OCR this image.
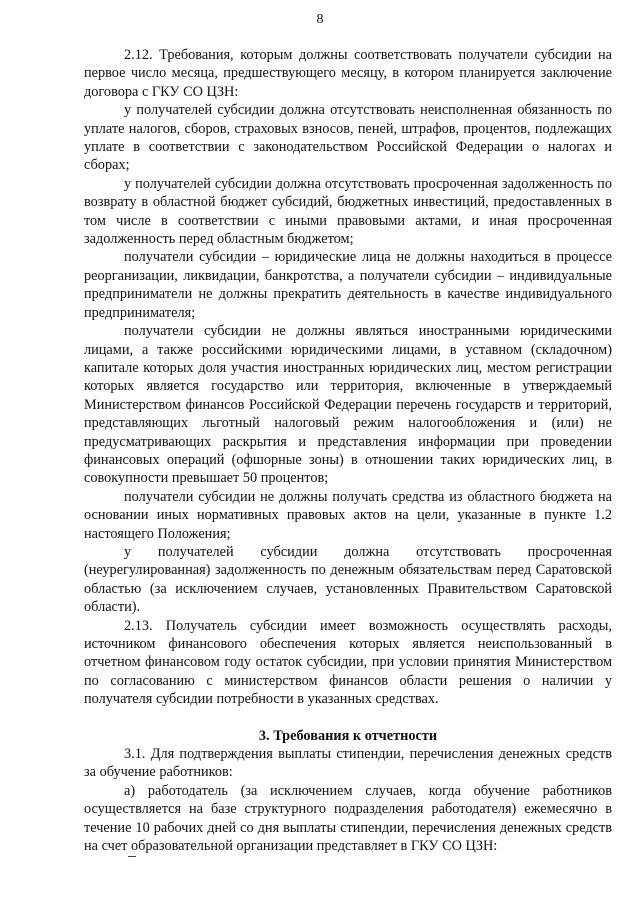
8

2.12. Требования, которым должны соответствовать получатели субсидии на первое число месяца, предшествующего месяцу, в котором планируется заключение договора с ГКУ СО ЦЗН:

у получателей субсидии должна отсутствовать неисполненная обязанность по уплате налогов, сборов, страховых взносов, пеней, штрафов, процентов, подлежащих уплате в соответствии с законодательством Российской Федерации о налогах и сборах;

у получателей субсидии должна отсутствовать просроченная задолженность по возврату в областной бюджет субсидий, бюджетных инвестиций, предоставленных в том числе в соответствии с иными правовыми актами, и иная просроченная задолженность перед областным бюджетом;

получатели субсидии – юридические лица не должны находиться в процессе реорганизации, ликвидации, банкротства, а получатели субсидии – индивидуальные предприниматели не должны прекратить деятельность в качестве индивидуального предпринимателя;

получатели субсидии не должны являться иностранными юридическими лицами, а также российскими юридическими лицами, в уставном (складочном) капитале которых доля участия иностранных юридических лиц, местом регистрации которых является государство или территория, включенные в утверждаемый Министерством финансов Российской Федерации перечень государств и территорий, представляющих льготный налоговый режим налогообложения и (или) не предусматривающих раскрытия и представления информации при проведении финансовых операций (офшорные зоны) в отношении таких юридических лиц, в совокупности превышает 50 процентов;

получатели субсидии не должны получать средства из областного бюджета на основании иных нормативных правовых актов на цели, указанные в пункте 1.2 настоящего Положения;

у получателей субсидии должна отсутствовать просроченная (неурегулированная) задолженность по денежным обязательствам перед Саратовской областью (за исключением случаев, установленных Правительством Саратовской области).

2.13. Получатель субсидии имеет возможность осуществлять расходы, источником финансового обеспечения которых является неиспользованный в отчетном финансовом году остаток субсидии, при условии принятия Министерством по согласованию с министерством финансов области решения о наличии у получателя субсидии потребности в указанных средствах.

3. Требования к отчетности

3.1. Для подтверждения выплаты стипендии, перечисления денежных средств за обучение работников:

а) работодатель (за исключением случаев, когда обучение работников осуществляется на базе структурного подразделения работодателя) ежемесячно в течение 10 рабочих дней со дня выплаты стипендии, перечисления денежных средств на счет образовательной организации представляет в ГКУ СО ЦЗН:
